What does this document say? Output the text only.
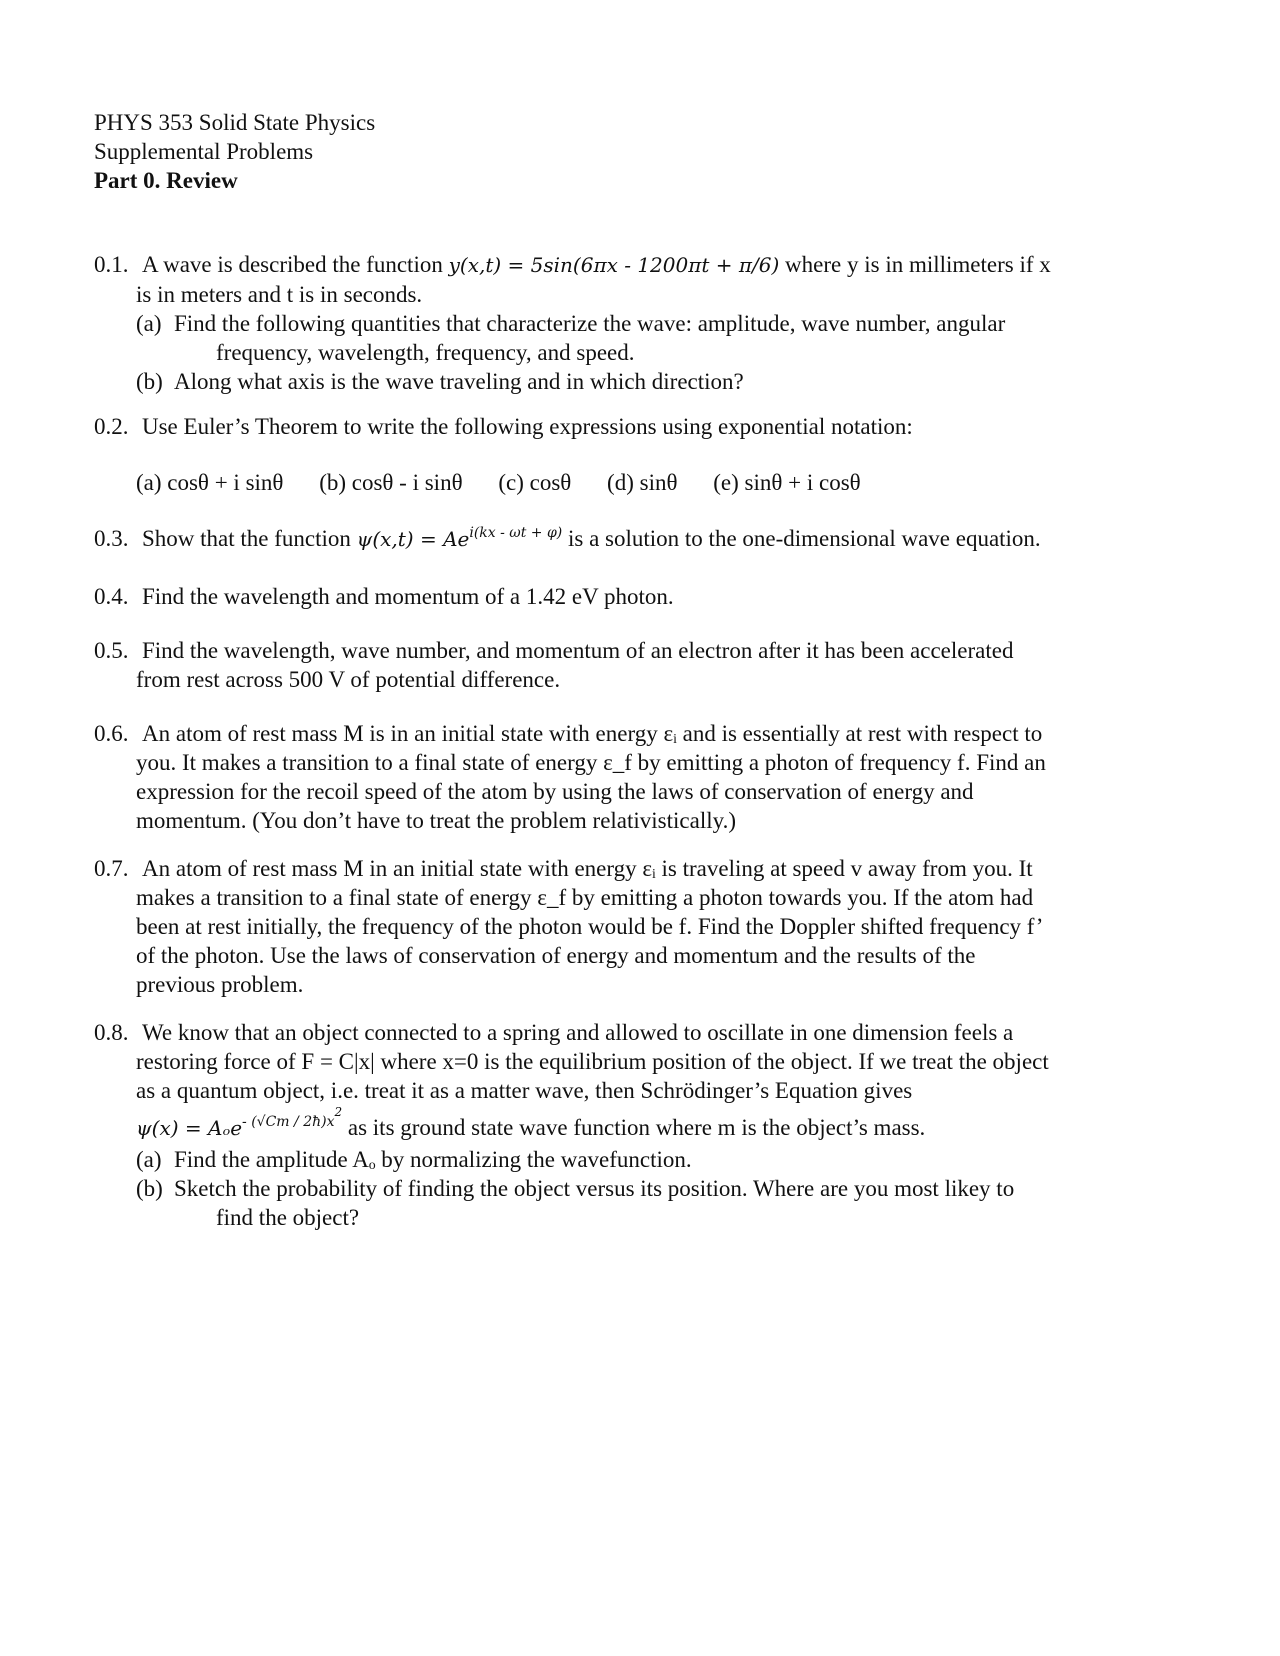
PHYS 353 Solid State Physics
Supplemental Problems
Part 0. Review
0.1. A wave is described the function y(x,t) = 5sin(6πx - 1200πt + π/6) where y is in millimeters if x
is in meters and t is in seconds.
(a) Find the following quantities that characterize the wave: amplitude, wave number, angular
frequency, wavelength, frequency, and speed.
(b) Along what axis is the wave traveling and in which direction?
0.2. Use Euler’s Theorem to write the following expressions using exponential notation:
(a) cosθ + i sinθ (b) cosθ - i sinθ (c) cosθ (d) sinθ (e) sinθ + i cosθ
0.3. Show that the function $\psi(x,t) = Ae^{i(kx - \omega t + \varphi)}$ is a solution to the one-dimensional wave equation.
0.4. Find the wavelength and momentum of a 1.42 eV photon.
0.5. Find the wavelength, wave number, and momentum of an electron after it has been accelerated
from rest across 500 V of potential difference.
0.6. An atom of rest mass M is in an initial state with energy εᵢ and is essentially at rest with respect to
you. It makes a transition to a final state of energy ε_f by emitting a photon of frequency f. Find an
expression for the recoil speed of the atom by using the laws of conservation of energy and
momentum. (You don’t have to treat the problem relativistically.)
0.7. An atom of rest mass M in an initial state with energy εᵢ is traveling at speed v away from you. It
makes a transition to a final state of energy ε_f by emitting a photon towards you. If the atom had
been at rest initially, the frequency of the photon would be f. Find the Doppler shifted frequency f’
of the photon. Use the laws of conservation of energy and momentum and the results of the
previous problem.
0.8. We know that an object connected to a spring and allowed to oscillate in one dimension feels a
restoring force of F = C|x| where x=0 is the equilibrium position of the object. If we treat the object
as a quantum object, i.e. treat it as a matter wave, then Schrödinger’s Equation gives
ψ(x) = Aₒe$^{- (√Cm / 2ħ)x2}$ as its ground state wave function where m is the object’s mass.
(a) Find the amplitude Aₒ by normalizing the wavefunction.
(b) Sketch the probability of finding the object versus its position. Where are you most likey to
find the object?
